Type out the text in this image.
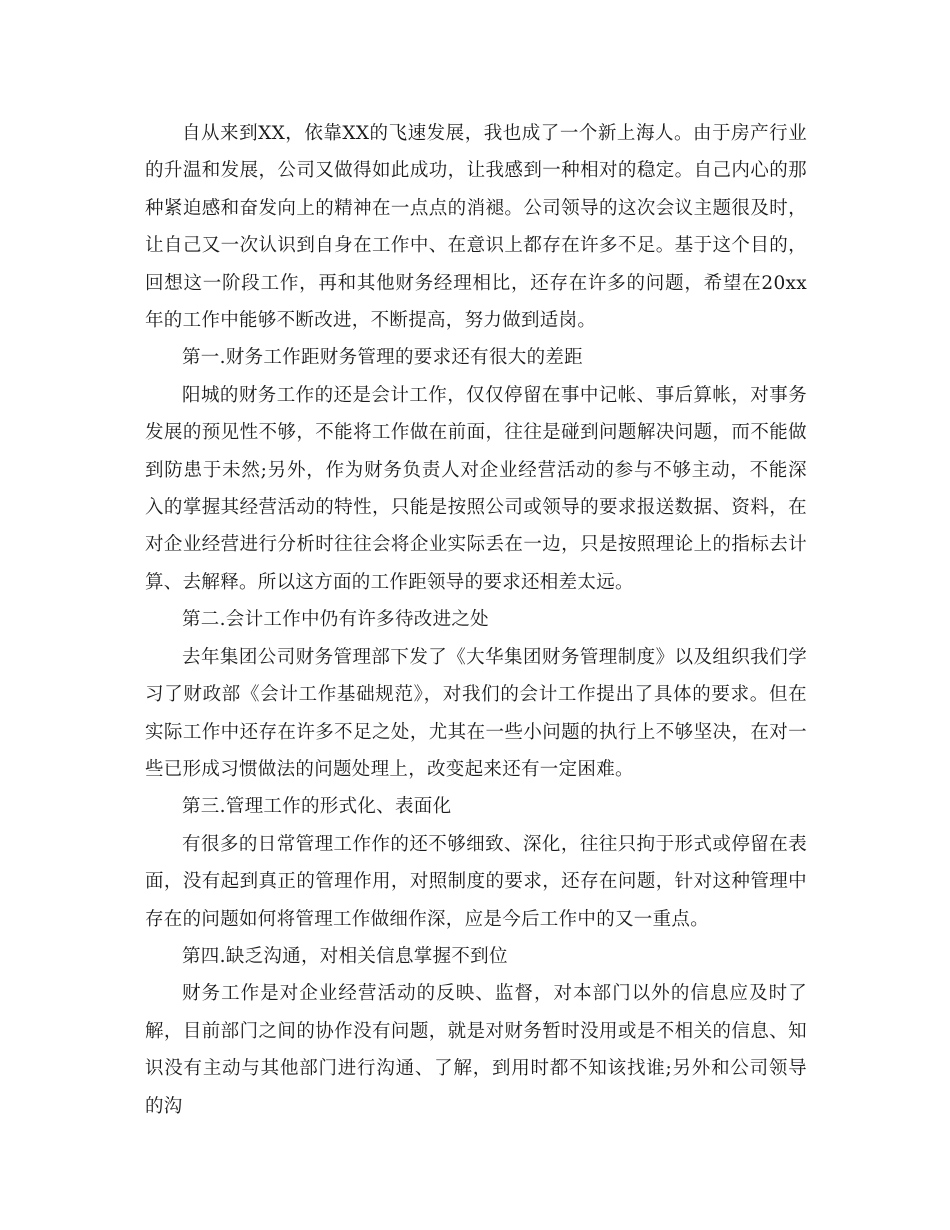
自从来到XX，依靠XX的飞速发展，我也成了一个新上海人。由于房产行业的升温和发展，公司又做得如此成功，让我感到一种相对的稳定。自己内心的那种紧迫感和奋发向上的精神在一点点的消褪。公司领导的这次会议主题很及时，让自己又一次认识到自身在工作中、在意识上都存在许多不足。基于这个目的，回想这一阶段工作，再和其他财务经理相比，还存在许多的问题，希望在20xx年的工作中能够不断改进，不断提高，努力做到适岗。

第一.财务工作距财务管理的要求还有很大的差距

阳城的财务工作的还是会计工作，仅仅停留在事中记帐、事后算帐，对事务发展的预见性不够，不能将工作做在前面，往往是碰到问题解决问题，而不能做到防患于未然;另外，作为财务负责人对企业经营活动的参与不够主动，不能深入的掌握其经营活动的特性，只能是按照公司或领导的要求报送数据、资料，在对企业经营进行分析时往往会将企业实际丢在一边，只是按照理论上的指标去计算、去解释。所以这方面的工作距领导的要求还相差太远。

第二.会计工作中仍有许多待改进之处

去年集团公司财务管理部下发了《大华集团财务管理制度》以及组织我们学习了财政部《会计工作基础规范》，对我们的会计工作提出了具体的要求。但在实际工作中还存在许多不足之处，尤其在一些小问题的执行上不够坚决，在对一些已形成习惯做法的问题处理上，改变起来还有一定困难。

第三.管理工作的形式化、表面化

有很多的日常管理工作作的还不够细致、深化，往往只拘于形式或停留在表面，没有起到真正的管理作用，对照制度的要求，还存在问题，针对这种管理中存在的问题如何将管理工作做细作深，应是今后工作中的又一重点。

第四.缺乏沟通，对相关信息掌握不到位

财务工作是对企业经营活动的反映、监督，对本部门以外的信息应及时了解，目前部门之间的协作没有问题，就是对财务暂时没用或是不相关的信息、知识没有主动与其他部门进行沟通、了解，到用时都不知该找谁;另外和公司领导的沟
